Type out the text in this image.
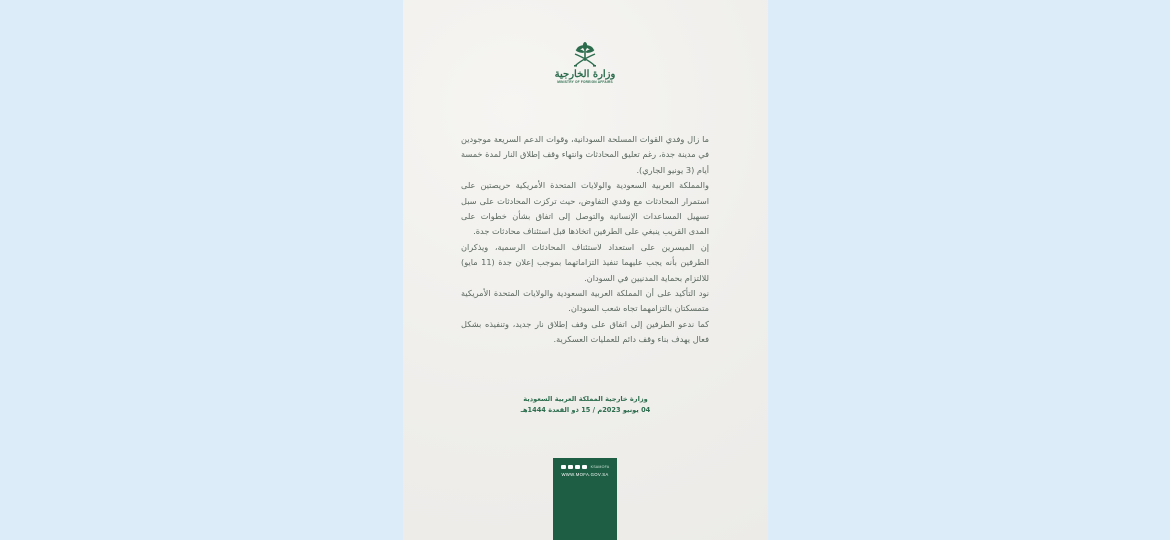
وزارة الخارجية
MINISTRY OF FOREIGN AFFAIRS

ما زال وفدي القوات المسلحة السودانية، وقوات الدعم السريعة موجودين في مدينة جدة، رغم تعليق المحادثات وانتهاء وقف إطلاق النار لمدة خمسة أيام (3 يونيو الجاري).

والمملكة العربية السعودية والولايات المتحدة الأمريكية حريصتين على استمرار المحادثات مع وفدي التفاوض، حيث تركزت المحادثات على سبل تسهيل المساعدات الإنسانية والتوصل إلى اتفاق بشأن خطوات على المدى القريب ينبغي على الطرفين اتخاذها قبل استئناف محادثات جدة.

إن الميسرين على استعداد لاستئناف المحادثات الرسمية، ويذكران الطرفين بأنه يجب عليهما تنفيذ التزاماتهما بموجب إعلان جدة (11 مايو) للالتزام بحماية المدنيين في السودان.

نود التأكيد على أن المملكة العربية السعودية والولايات المتحدة الأمريكية متمسكتان بالتزامهما تجاه شعب السودان.

كما ندعو الطرفين إلى اتفاق على وقف إطلاق نار جديد، وتنفيذه بشكل فعال يهدف بناء وقف دائم للعمليات العسكرية.

وزارة خارجية المملكة العربية السعودية
04 يونيو 2023م / 15 ذو القعدة 1444هـ
KSAMOFA
WWW.MOFA.GOV.SA
